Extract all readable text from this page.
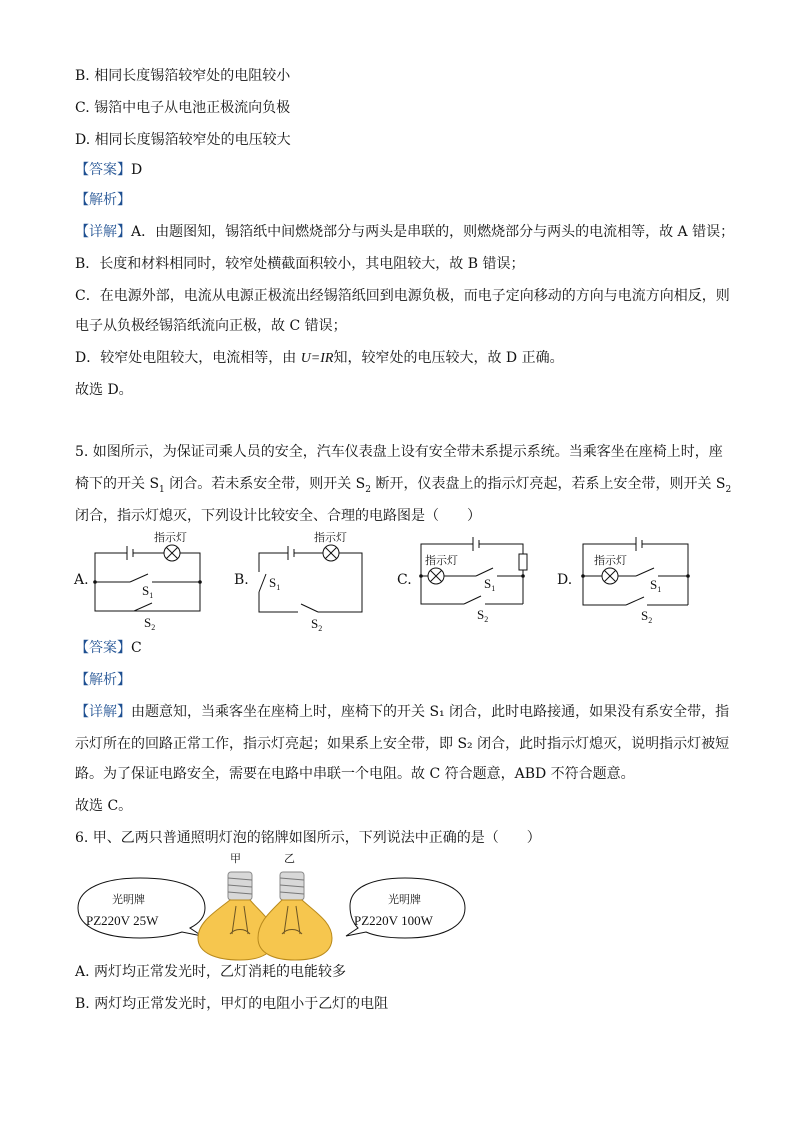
B. 相同长度锡箔较窄处的电阻较小
C. 锡箔中电子从电池正极流向负极
D. 相同长度锡箔较窄处的电压较大
【答案】D
【解析】
【详解】A．由题图知，锡箔纸中间燃烧部分与两头是串联的，则燃烧部分与两头的电流相等，故 A 错误；
B．长度和材料相同时，较窄处横截面积较小，其电阻较大，故 B 错误；
C．在电源外部，电流从电源正极流出经锡箔纸回到电源负极，而电子定向移动的方向与电流方向相反，则
电子从负极经锡箔纸流向正极，故 C 错误；
D．较窄处电阻较大，电流相等，由 U=IR知，较窄处的电压较大，故 D 正确。
故选 D。
5. 如图所示，为保证司乘人员的安全，汽车仪表盘上设有安全带未系提示系统。当乘客坐在座椅上时，座
椅下的开关 $S_1$ 闭合。若未系安全带，则开关 $S_2$ 断开，仪表盘上的指示灯亮起，若系上安全带，则开关 $S_2$
闭合，指示灯熄灭，下列设计比较安全、合理的电路图是（　　）
A.	B.	C.	D.
指示灯
$S_1$
$S_2$
指示灯
$S_1$
$S_2$
指示灯
$S_1$
$S_2$
指示灯
$S_1$
$S_2$
【答案】C
【解析】
【详解】由题意知，当乘客坐在座椅上时，座椅下的开关 S₁ 闭合，此时电路接通，如果没有系安全带，指
示灯所在的回路正常工作，指示灯亮起；如果系上安全带，即 S₂ 闭合，此时指示灯熄灭，说明指示灯被短
路。为了保证电路安全，需要在电路中串联一个电阻。故 C 符合题意，ABD 不符合题意。
故选 C。
6. 甲、乙两只普通照明灯泡的铭牌如图所示，下列说法中正确的是（　　）
光明牌
PZ220V 25W
甲	乙
光明牌
PZ220V 100W
A. 两灯均正常发光时，乙灯消耗的电能较多
B. 两灯均正常发光时，甲灯的电阻小于乙灯的电阻
